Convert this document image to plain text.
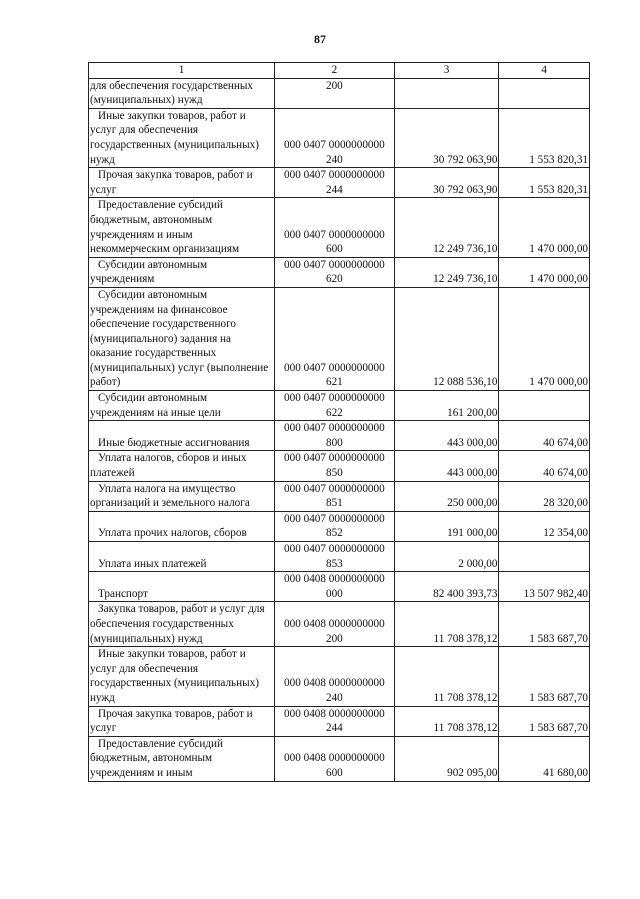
87
1	2	3	4
для обеспечения государственных (муниципальных) нужд	200		

Иные закупки товаров, работ и услуг для обеспечения государственных (муниципальных) нужд	000 0407 0000000000 240	30 792 063,90	1 553 820,31

Прочая закупка товаров, работ и услуг	000 0407 0000000000 244	30 792 063,90	1 553 820,31

Предоставление субсидий бюджетным, автономным учреждениям и иным некоммерческим организациям	000 0407 0000000000 600	12 249 736,10	1 470 000,00

Субсидии автономным учреждениям	000 0407 0000000000 620	12 249 736,10	1 470 000,00

Субсидии автономным учреждениям на финансовое обеспечение государственного (муниципального) задания на оказание государственных (муниципальных) услуг (выполнение работ)	000 0407 0000000000 621	12 088 536,10	1 470 000,00

Субсидии автономным учреждениям на иные цели	000 0407 0000000000 622	161 200,00	

Иные бюджетные ассигнования	000 0407 0000000000 800	443 000,00	40 674,00

Уплата налогов, сборов и иных платежей	000 0407 0000000000 850	443 000,00	40 674,00

Уплата налога на имущество организаций и земельного налога	000 0407 0000000000 851	250 000,00	28 320,00

Уплата прочих налогов, сборов	000 0407 0000000000 852	191 000,00	12 354,00

Уплата иных платежей	000 0407 0000000000 853	2 000,00	

Транспорт	000 0408 0000000000 000	82 400 393,73	13 507 982,40

Закупка товаров, работ и услуг для обеспечения государственных (муниципальных) нужд	000 0408 0000000000 200	11 708 378,12	1 583 687,70

Иные закупки товаров, работ и услуг для обеспечения государственных (муниципальных) нужд	000 0408 0000000000 240	11 708 378,12	1 583 687,70

Прочая закупка товаров, работ и услуг	000 0408 0000000000 244	11 708 378,12	1 583 687,70

Предоставление субсидий бюджетным, автономным учреждениям и иным	000 0408 0000000000 600	902 095,00	41 680,00
